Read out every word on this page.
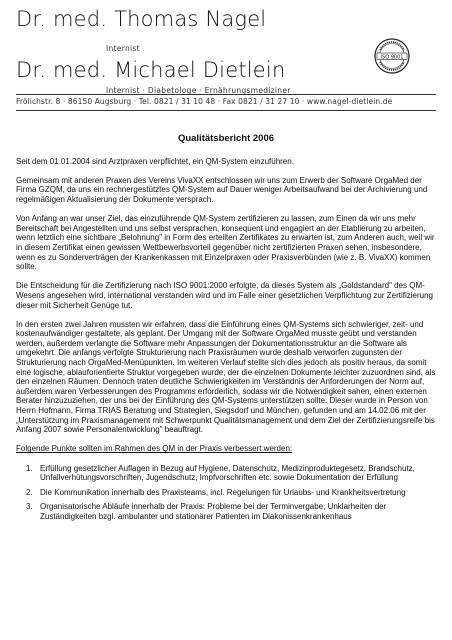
Dr. med. Thomas Nagel
Internist
Dr. med. Michael Dietlein
Internist · Diabetologe · Ernährungsmediziner
ISO 9001
Frölichstr. 8 · 86150 Augsburg · Tel. 0821 / 31 10 48 · Fax 0821 / 31 27 10 · www.nagel-dietlein.de
Qualitätsbericht 2006

Seit dem 01.01.2004 sind Arztpraxen verpflichtet, ein QM-System einzuführen.

Gemeinsam mit anderen Praxen des Vereins VivaXX entschlossen wir uns zum Erwerb der Software OrgaMed der Firma GZQM, da uns ein rechnergestütztes QM-System auf Dauer weniger Arbeitsaufwand bei der Archivierung und regelmäßigen Aktualisierung der Dokumente versprach.

Von Anfang an war unser Ziel, das einzuführende QM-System zertifizieren zu lassen, zum Einen da wir uns mehr Bereitschaft bei Angestellten und uns selbst versprachen, konsequent und engagiert an der Etablierung zu arbeiten, wenn letztlich eine sichtbare „Belohnung" in Form des erteilten Zertifikates zu erwarten ist, zum Anderen auch, weil wir in diesem Zertifikat einen gewissen Wettbewerbsvorteil gegenüber nicht zertifizierten Praxen sehen, insbesondere, wenn es zu Sonderverträgen der Krankenkassen mit Einzelpraxen oder Praxisverbünden (wie z. B. VivaXX) kommen sollte.

Die Entscheidung für die Zertifizierung nach ISO 9001:2000 erfolgte, da dieses System als „Goldstandard" des QM-Wesens angesehen wird, international verstanden wird und im Falle einer gesetzlichen Verpflichtung zur Zertifizierung dieser mit Sicherheit Genüge tut.

In den ersten zwei Jahren mussten wir erfahren, dass die Einführung eines QM-Systems sich schwieriger, zeit- und kostenaufwändiger gestaltete, als geplant. Der Umgang mit der Software OrgaMed musste geübt und verstanden werden, außerdem verlangte die Software mehr Anpassungen der Dokumentationsstruktur an die Software als umgekehrt. Die anfangs verfolgte Strukturierung nach Praxisräumen wurde deshalb verworfen zugunsten der Strukturierung nach OrgaMed-Menüpunkten. Im weiteren Verlauf stellte sich dies jedoch als positiv heraus, da somit eine logische, ablauforientierte Struktur vorgegeben wurde, der die einzelnen Dokumente leichter zuzuordnen sind, als den einzelnen Räumen. Dennoch traten deutliche Schwierigkeiten im Verständnis der Anforderungen der Norm auf, außerdem waren Verbesserungen des Programms erforderlich, sodass wir die Notwendigkeit sahen, einen externen Berater hinzuzuziehen, der uns bei der Einführung des QM-Systems unterstützen sollte. Dieser wurde in Person von Herrn Hofmann, Firma TRIAS Beratung und Strategien, Siegsdorf und München, gefunden und am 14.02.06 mit der „Unterstützung im Praxismanagement mit Schwerpunkt Qualitätsmanagement und dem Ziel der Zertifizierungsreife bis Anfang 2007 sowie Personalentwicklung" beauftragt.

Folgende Punkte sollten im Rahmen des QM in der Praxis verbessert werden:
1. Erfüllung gesetzlicher Auflagen in Bezug auf Hygiene, Datenschutz, Medizinproduktegesetz, Brandschutz, Unfallverhütungsvorschriften, Jugendschutz, Impfvorschriften etc. sowie Dokumentation der Erfüllung
2. Die Kommunikation innerhalb des Praxisteams, incl. Regelungen für Urlaubs- und Krankheitsvertretung
3. Organisatorische Abläufe innerhalb der Praxis: Probleme bei der Terminvergabe, Unklarheiten der Zuständigkeiten bzgl. ambulanter und stationärer Patienten im Diakonissenkrankenhaus
